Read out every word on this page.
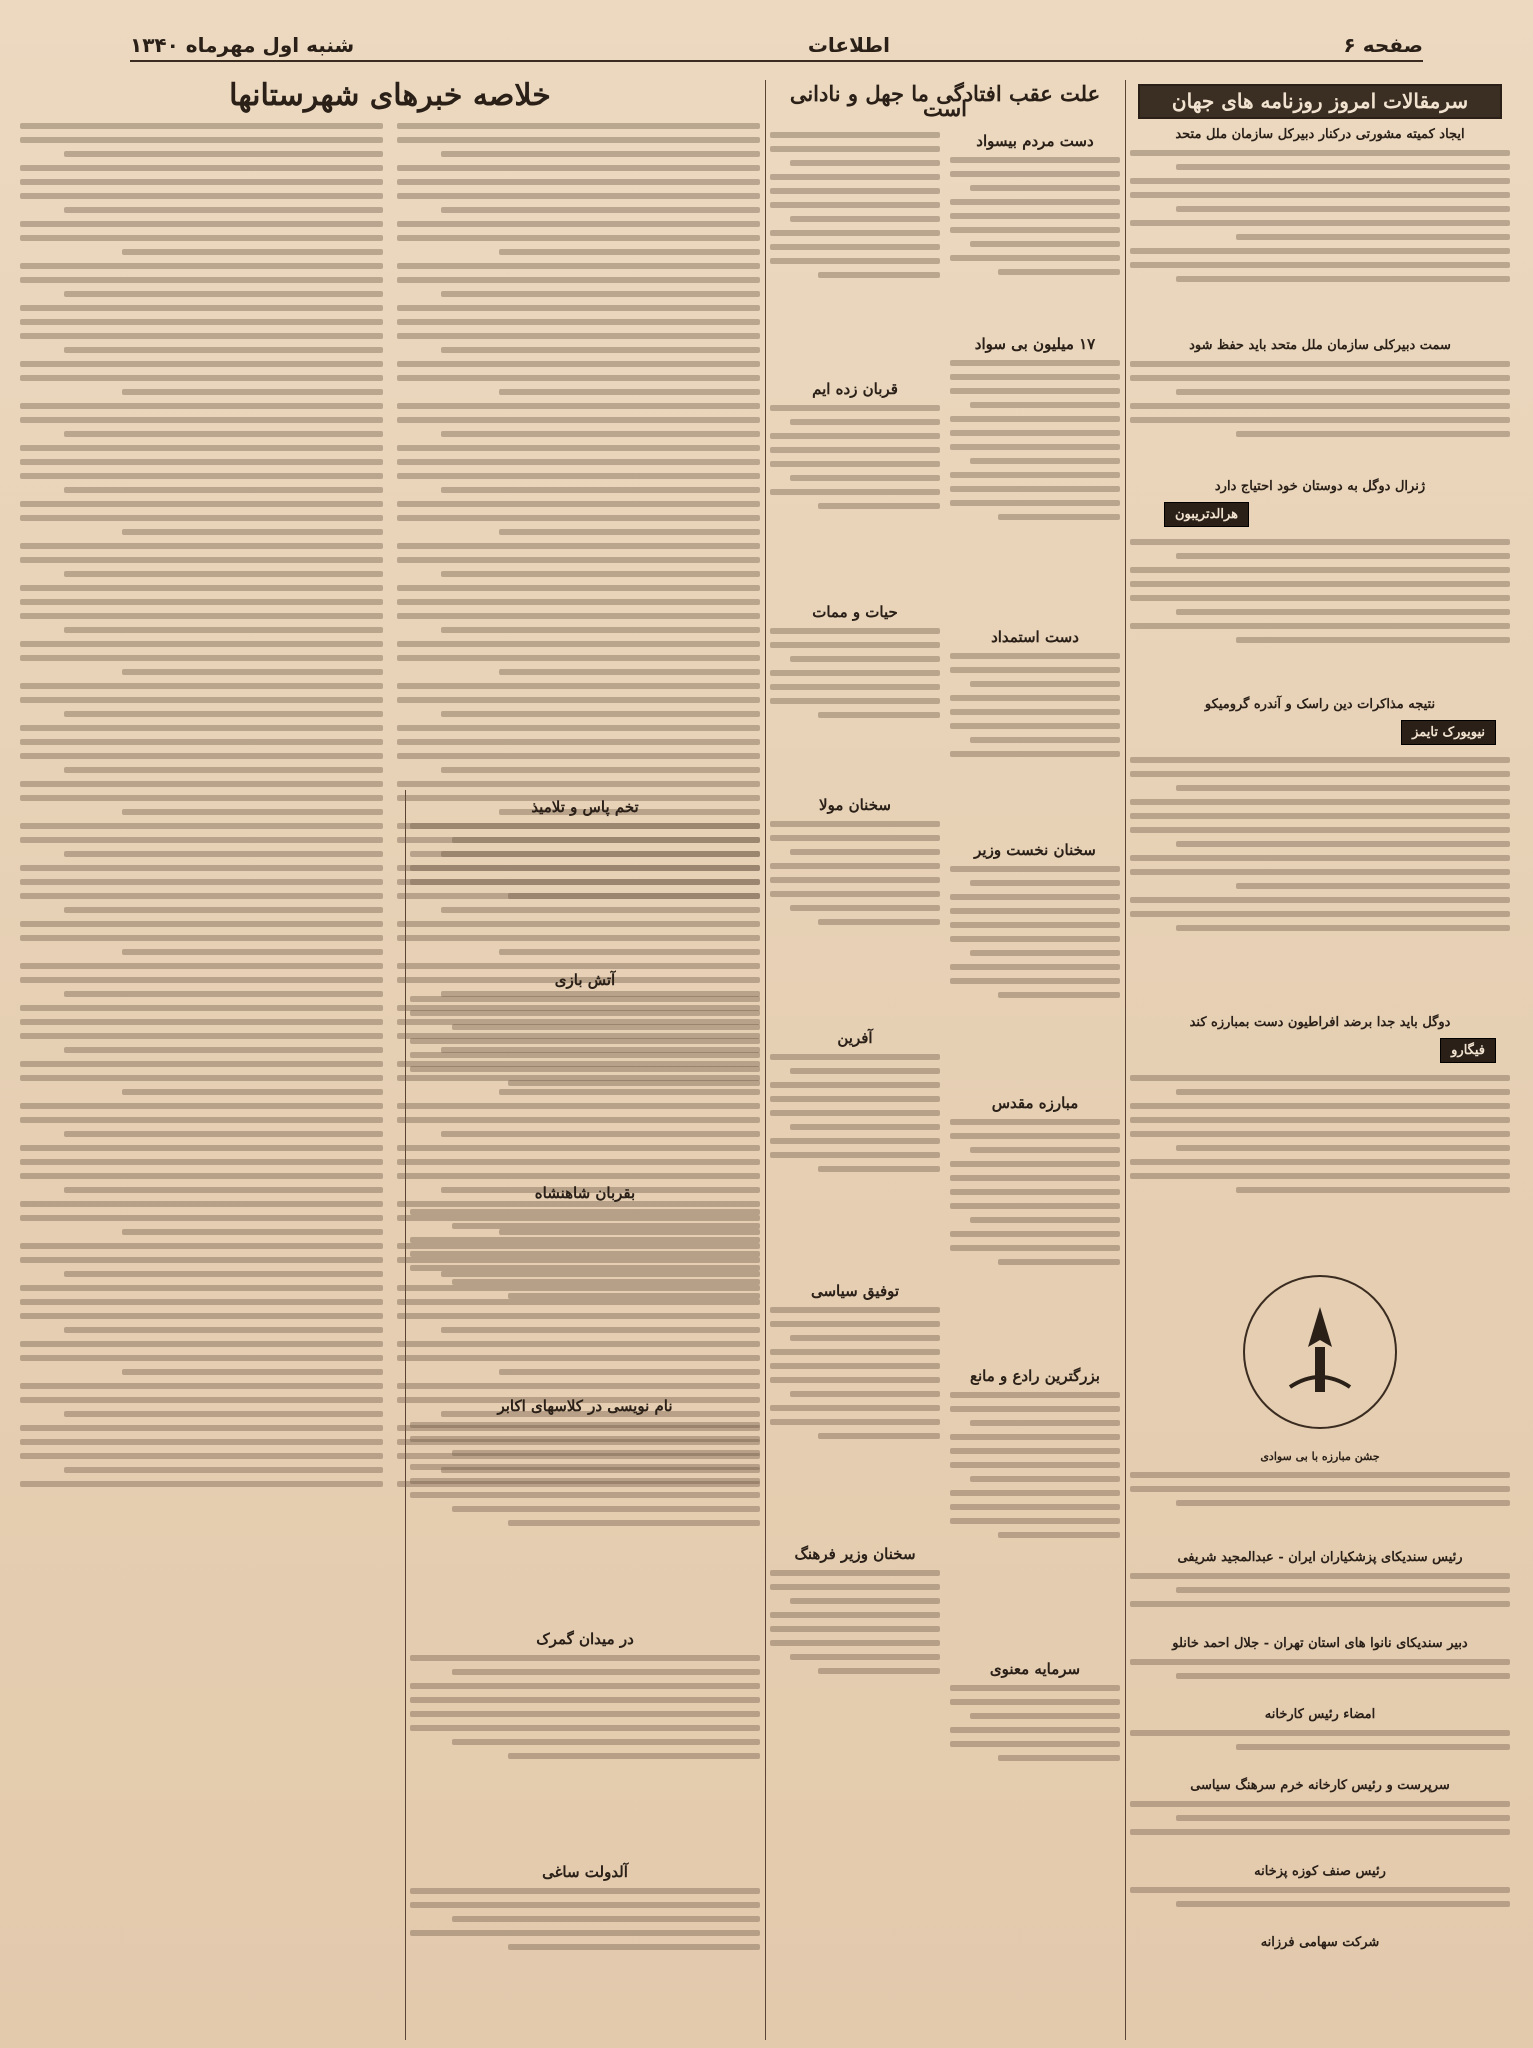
صفحه ۶
اطلاعات
شنبه اول مهرماه ۱۳۴۰
سرمقالات امروز روزنامه های جهان
ایجاد کمیته مشورتی درکنار دبیرکل سازمان ملل متحد
سمت دبیرکلی سازمان ملل متحد باید حفظ شود
ژنرال دوگل به دوستان خود احتیاج دارد
هرالدتریبون
نتیجه مذاکرات دین راسک و آندره گرومیکو
نیویورک تایمز
دوگل باید جدا برضد افراطیون دست بمبارزه کند
فیگارو
جشن مبارزه با بی سوادی
رئیس سندیکای پزشکیاران ایران - عبدالمجید شریفی
دبیر سندیکای نانوا های استان تهران - جلال احمد خانلو
امضاء رئیس کارخانه
سرپرست و رئیس کارخانه خرم سرهنگ سیاسی
رئیس صنف کوزه پزخانه
شرکت سهامی فرزانه
علت عقب افتادگی ما جهل و نادانی است
دست مردم بیسواد
۱۷ میلیون بی سواد
دست استمداد
سخنان نخست وزیر
مبارزه مقدس
بزرگترین رادع و مانع
سرمایه معنوی
قربان زده ایم
حیات و ممات
سخنان مولا
آفرین
توفیق سیاسی
سخنان وزیر فرهنگ
خلاصه خبرهای شهرستانها
تخم پاس و تلامیذ
آتش بازی
بقربان شاهنشاه
نام نویسی در کلاسهای اکابر
در میدان گمرک
آلدولت ساغی
